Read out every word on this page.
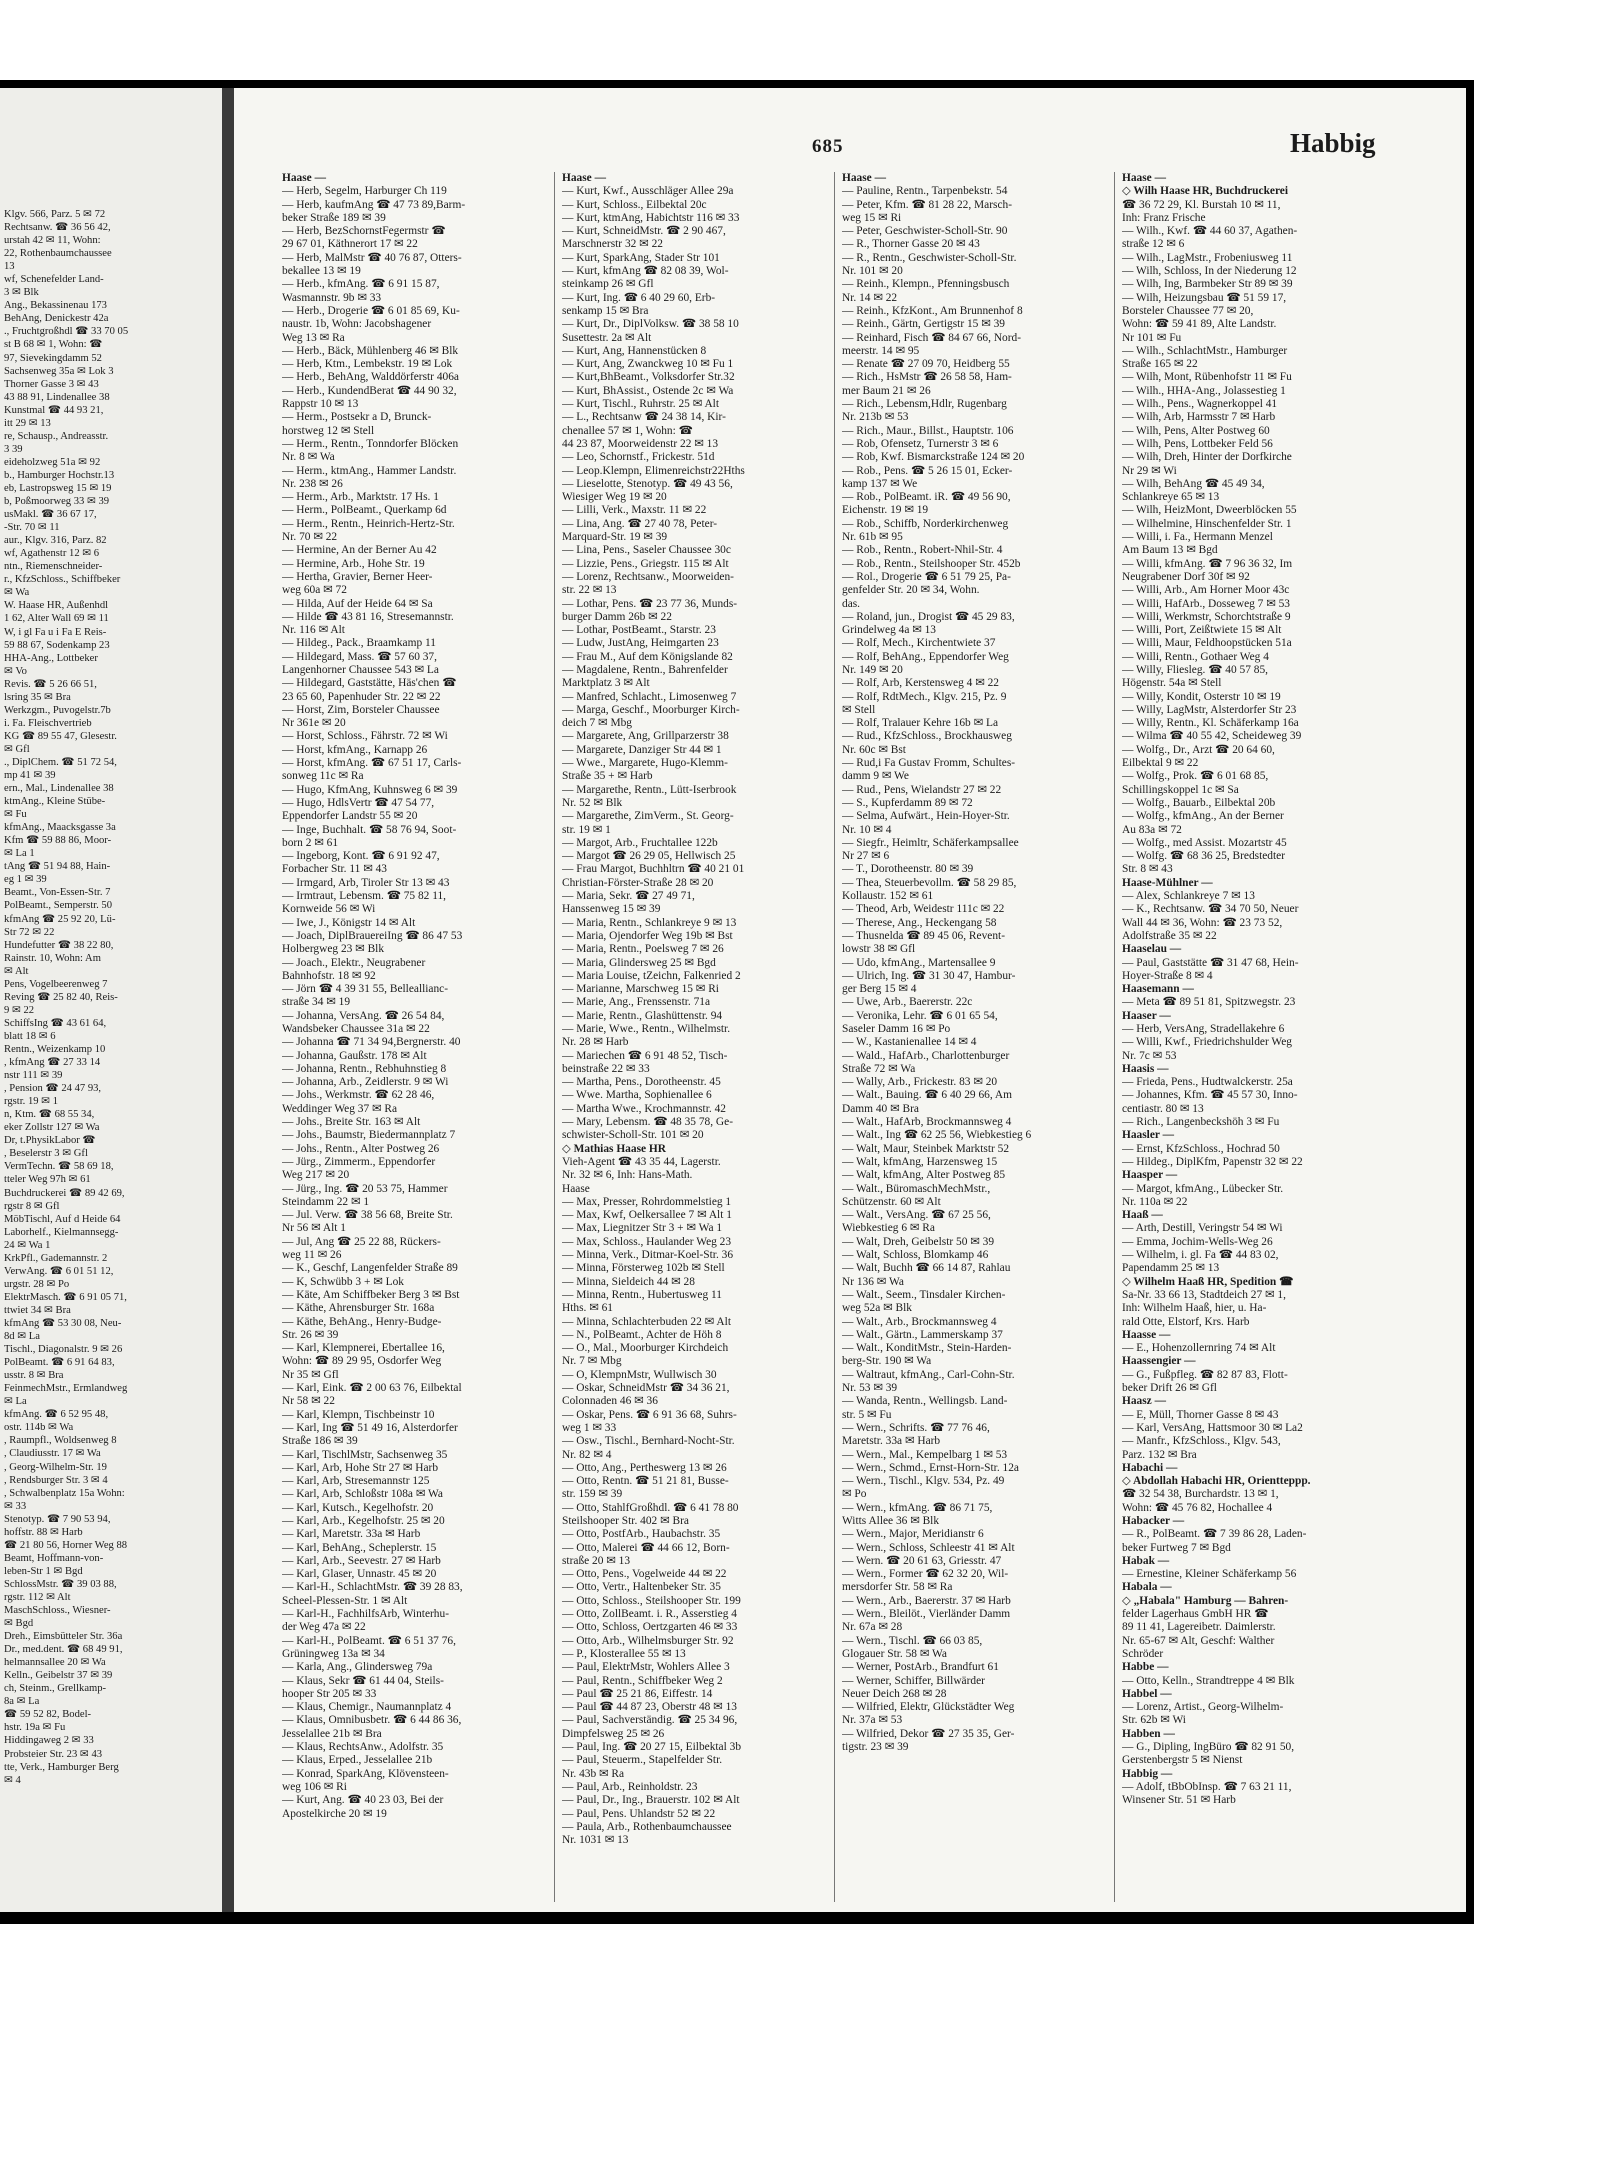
Klgv. 566, Parz. 5 ✉ 72

Rechtsanw. ☎ 36 56 42,

urstah 42 ✉ 11, Wohn:

22, Rothenbaumchaussee

13

wf, Schenefelder Land-

3 ✉ Blk

Ang., Bekassinenau 173

BehAng, Denickestr 42a

., Fruchtgroßhdl ☎ 33 70 05

st B 68 ✉ 1, Wohn: ☎

97, Sievekingdamm 52

Sachsenweg 35a ✉ Lok 3

Thorner Gasse 3 ✉ 43

43 88 91, Lindenallee 38

Kunstmal ☎ 44 93 21,

itt 29 ✉ 13

re, Schausp., Andreasstr.

3 39

eideholzweg 51a ✉ 92

b., Hamburger Hochstr.13

eb, Lastropsweg 15 ✉ 19

b, Poßmoorweg 33 ✉ 39

usMakl. ☎ 36 67 17,

-Str. 70 ✉ 11

aur., Klgv. 316, Parz. 82

wf, Agathenstr 12 ✉ 6

ntn., Riemenschneider-

r., KfzSchloss., Schiffbeker

✉ Wa

W. Haase HR, Außenhdl

1 62, Alter Wall 69 ✉ 11

W, i gl Fa u i Fa E Reis-

59 88 67, Sodenkamp 23

HHA-Ang., Lottbeker

✉ Vo

Revis. ☎ 5 26 66 51,

lsring 35 ✉ Bra

Werkzgm., Puvogelstr.7b

i. Fa. Fleischvertrieb

KG ☎ 89 55 47, Glesestr.

✉ Gfl

., DiplChem. ☎ 51 72 54,

mp 41 ✉ 39

ern., Mal., Lindenallee 38

ktmAng., Kleine Stübe-

✉ Fu

kfmAng., Maacksgasse 3a

Kfm ☎ 59 88 86, Moor-

✉ La 1

tAng ☎ 51 94 88, Hain-

eg 1 ✉ 39

Beamt., Von-Essen-Str. 7

PolBeamt., Semperstr. 50

kfmAng ☎ 25 92 20, Lü-

Str 72 ✉ 22

Hundefutter ☎ 38 22 80,

Rainstr. 10, Wohn: Am

✉ Alt

Pens, Vogelbeerenweg 7

Reving ☎ 25 82 40, Reis-

9 ✉ 22

SchiffsIng ☎ 43 61 64,

blatt 18 ✉ 6

Rentn., Weizenkamp 10

, kfmAng ☎ 27 33 14

nstr 111 ✉ 39

, Pension ☎ 24 47 93,

rgstr. 19 ✉ 1

n, Ktm. ☎ 68 55 34,

eker Zollstr 127 ✉ Wa

Dr, t.PhysikLabor ☎

, Beselerstr 3 ✉ Gfl

VermTechn. ☎ 58 69 18,

tteler Weg 97h ✉ 61

Buchdruckerei ☎ 89 42 69,

rgstr 8 ✉ Gfl

MöbTischl, Auf d Heide 64

Laborhelf., Kielmannsegg-

24 ✉ Wa 1

KrkPfl., Gademannstr. 2

VerwAng. ☎ 6 01 51 12,

urgstr. 28 ✉ Po

ElektrMasch. ☎ 6 91 05 71,

ttwiet 34 ✉ Bra

kfmAng ☎ 53 30 08, Neu-

8d ✉ La

Tischl., Diagonalstr. 9 ✉ 26

PolBeamt. ☎ 6 91 64 83,

usstr. 8 ✉ Bra

FeinmechMstr., Ermlandweg

✉ La

kfmAng. ☎ 6 52 95 48,

ostr. 114b ✉ Wa

, Raumpfl., Woldsenweg 8

, Claudiusstr. 17 ✉ Wa

, Georg-Wilhelm-Str. 19

, Rendsburger Str. 3 ✉ 4

, Schwalbenplatz 15a Wohn:

✉ 33

Stenotyp. ☎ 7 90 53 94,

hoffstr. 88 ✉ Harb

☎ 21 80 56, Horner Weg 88

Beamt, Hoffmann-von-

leben-Str 1 ✉ Bgd

SchlossMstr. ☎ 39 03 88,

rgstr. 112 ✉ Alt

MaschSchloss., Wiesner-

✉ Bgd

Dreh., Eimsbütteler Str. 36a

Dr., med.dent. ☎ 68 49 91,

helmannsallee 20 ✉ Wa

Kelln., Geibelstr 37 ✉ 39

ch, Steinm., Grellkamp-

8a ✉ La

☎ 59 52 82, Bodel-

hstr. 19a ✉ Fu

Hiddingaweg 2 ✉ 33

Probsteier Str. 23 ✉ 43

tte, Verk., Hamburger Berg

✉ 4

685	Habbig

Haase —

— Herb, Segelm, Harburger Ch 119

— Herb, kaufmAng ☎ 47 73 89,Barm-

beker Straße 189 ✉ 39

— Herb, BezSchornstFegermstr ☎

29 67 01, Käthnerort 17 ✉ 22

— Herb, MalMstr ☎ 40 76 87, Otters-

bekallee 13 ✉ 19

— Herb., kfmAng. ☎ 6 91 15 87,

Wasmannstr. 9b ✉ 33

— Herb., Drogerie ☎ 6 01 85 69, Ku-

naustr. 1b, Wohn: Jacobshagener

Weg 13 ✉ Ra

— Herb., Bäck, Mühlenberg 46 ✉ Blk

— Herb, Ktm., Lembekstr. 19 ✉ Lok

— Herb., BehAng, Walddörferstr 406a

— Herb., KundendBerat ☎ 44 90 32,

Rappstr 10 ✉ 13

— Herm., Postsekr a D, Brunck-

horstweg 12 ✉ Stell

— Herm., Rentn., Tonndorfer Blöcken

Nr. 8 ✉ Wa

— Herm., ktmAng., Hammer Landstr.

Nr. 238 ✉ 26

— Herm., Arb., Marktstr. 17 Hs. 1

— Herm., PolBeamt., Querkamp 6d

— Herm., Rentn., Heinrich-Hertz-Str.

Nr. 70 ✉ 22

— Hermine, An der Berner Au 42

— Hermine, Arb., Hohe Str. 19

— Hertha, Gravier, Berner Heer-

weg 60a ✉ 72

— Hilda, Auf der Heide 64 ✉ Sa

— Hilde ☎ 43 81 16, Stresemannstr.

Nr. 116 ✉ Alt

— Hildeg., Pack., Braamkamp 11

— Hildegard, Mass. ☎ 57 60 37,

Langenhorner Chaussee 543 ✉ La

— Hildegard, Gaststätte, Häs'chen ☎

23 65 60, Papenhuder Str. 22 ✉ 22

— Horst, Zim, Borsteler Chaussee

Nr 361e ✉ 20

— Horst, Schloss., Fährstr. 72 ✉ Wi

— Horst, kfmAng., Karnapp 26

— Horst, kfmAng. ☎ 67 51 17, Carls-

sonweg 11c ✉ Ra

— Hugo, KfmAng, Kuhnsweg 6 ✉ 39

— Hugo, HdlsVertr ☎ 47 54 77,

Eppendorfer Landstr 55 ✉ 20

— Inge, Buchhalt. ☎ 58 76 94, Soot-

born 2 ✉ 61

— Ingeborg, Kont. ☎ 6 91 92 47,

Forbacher Str. 11 ✉ 43

— Irmgard, Arb, Tiroler Str 13 ✉ 43

— Irmtraut, Lebensm. ☎ 75 82 11,

Kornweide 56 ✉ Wi

— Iwe, J., Königstr 14 ✉ Alt

— Joach, DiplBrauereiIng ☎ 86 47 53

Holbergweg 23 ✉ Blk

— Joach., Elektr., Neugrabener

Bahnhofstr. 18 ✉ 92

— Jörn ☎ 4 39 31 55, Belleallianc-

straße 34 ✉ 19

— Johanna, VersAng. ☎ 26 54 84,

Wandsbeker Chaussee 31a ✉ 22

— Johanna ☎ 71 34 94,Bergnerstr. 40

— Johanna, Gaußstr. 178 ✉ Alt

— Johanna, Rentn., Rebhuhnstieg 8

— Johanna, Arb., Zeidlerstr. 9 ✉ Wi

— Johs., Werkmstr. ☎ 62 28 46,

Weddinger Weg 37 ✉ Ra

— Johs., Breite Str. 163 ✉ Alt

— Johs., Baumstr, Biedermannplatz 7

— Johs., Rentn., Alter Postweg 26

— Jürg., Zimmerm., Eppendorfer

Weg 217 ✉ 20

— Jürg., Ing. ☎ 20 53 75, Hammer

Steindamm 22 ✉ 1

— Jul. Verw. ☎ 38 56 68, Breite Str.

Nr 56 ✉ Alt 1

— Jul, Ang ☎ 25 22 88, Rückers-

weg 11 ✉ 26

— K., Geschf, Langenfelder Straße 89

— K, Schwübb 3 + ✉ Lok

— Käte, Am Schiffbeker Berg 3 ✉ Bst

— Käthe, Ahrensburger Str. 168a

— Käthe, BehAng., Henry-Budge-

Str. 26 ✉ 39

— Karl, Klempnerei, Ebertallee 16,

Wohn: ☎ 89 29 95, Osdorfer Weg

Nr 35 ✉ Gfl

— Karl, Eink. ☎ 2 00 63 76, Eilbektal

Nr 58 ✉ 22

— Karl, Klempn, Tischbeinstr 10

— Karl, Ing ☎ 51 49 16, Alsterdorfer

Straße 186 ✉ 39

— Karl, TischlMstr, Sachsenweg 35

— Karl, Arb, Hohe Str 27 ✉ Harb

— Karl, Arb, Stresemannstr 125

— Karl, Arb, Schloßstr 108a ✉ Wa

— Karl, Kutsch., Kegelhofstr. 20

— Karl, Arb., Kegelhofstr. 25 ✉ 20

— Karl, Maretstr. 33a ✉ Harb

— Karl, BehAng., Scheplerstr. 15

— Karl, Arb., Seevestr. 27 ✉ Harb

— Karl, Glaser, Unnastr. 45 ✉ 20

— Karl-H., SchlachtMstr. ☎ 39 28 83,

Scheel-Plessen-Str. 1 ✉ Alt

— Karl-H., FachhilfsArb, Winterhu-

der Weg 47a ✉ 22

— Karl-H., PolBeamt. ☎ 6 51 37 76,

Grüningweg 13a ✉ 34

— Karla, Ang., Glindersweg 79a

— Klaus, Sekr ☎ 61 44 04, Steils-

hooper Str 205 ✉ 33

— Klaus, Chemigr., Naumannplatz 4

— Klaus, Omnibusbetr. ☎ 6 44 86 36,

Jesselallee 21b ✉ Bra

— Klaus, RechtsAnw., Adolfstr. 35

— Klaus, Erped., Jesselallee 21b

— Konrad, SparkAng, Klövensteen-

weg 106 ✉ Ri

— Kurt, Ang. ☎ 40 23 03, Bei der

Apostelkirche 20 ✉ 19

Haase —

— Kurt, Kwf., Ausschläger Allee 29a

— Kurt, Schloss., Eilbektal 20c

— Kurt, ktmAng, Habichtstr 116 ✉ 33

— Kurt, SchneidMstr. ☎ 2 90 467,

Marschnerstr 32 ✉ 22

— Kurt, SparkAng, Stader Str 101

— Kurt, kfmAng ☎ 82 08 39, Wol-

steinkamp 26 ✉ Gfl

— Kurt, Ing. ☎ 6 40 29 60, Erb-

senkamp 15 ✉ Bra

— Kurt, Dr., DiplVolksw. ☎ 38 58 10

Susettestr. 2a ✉ Alt

— Kurt, Ang, Hannenstücken 8

— Kurt, Ang, Zwanckweg 10 ✉ Fu 1

— Kurt,BhBeamt., Volksdorfer Str.32

— Kurt, BhAssist., Ostende 2c ✉ Wa

— Kurt, Tischl., Ruhrstr. 25 ✉ Alt

— L., Rechtsanw ☎ 24 38 14, Kir-

chenallee 57 ✉ 1, Wohn: ☎

44 23 87, Moorweidenstr 22 ✉ 13

— Leo, Schornstf., Frickestr. 51d

— Leop.Klempn, Elimenreichstr22Hths

— Lieselotte, Stenotyp. ☎ 49 43 56,

Wiesiger Weg 19 ✉ 20

— Lilli, Verk., Maxstr. 11 ✉ 22

— Lina, Ang. ☎ 27 40 78, Peter-

Marquard-Str. 19 ✉ 39

— Lina, Pens., Saseler Chaussee 30c

— Lizzie, Pens., Griegstr. 115 ✉ Alt

— Lorenz, Rechtsanw., Moorweiden-

str. 22 ✉ 13

— Lothar, Pens. ☎ 23 77 36, Munds-

burger Damm 26b ✉ 22

— Lothar, PostBeamt., Starstr. 23

— Ludw, JustAng, Heimgarten 23

— Frau M., Auf dem Königslande 82

— Magdalene, Rentn., Bahrenfelder

Marktplatz 3 ✉ Alt

— Manfred, Schlacht., Limosenweg 7

— Marga, Geschf., Moorburger Kirch-

deich 7 ✉ Mbg

— Margarete, Ang, Grillparzerstr 38

— Margarete, Danziger Str 44 ✉ 1

— Wwe., Margarete, Hugo-Klemm-

Straße 35 + ✉ Harb

— Margarethe, Rentn., Lütt-Iserbrook

Nr. 52 ✉ Blk

— Margarethe, ZimVerm., St. Georg-

str. 19 ✉ 1

— Margot, Arb., Fruchtallee 122b

— Margot ☎ 26 29 05, Hellwisch 25

— Frau Margot, Buchhltrn ☎ 40 21 01

Christian-Förster-Straße 28 ✉ 20

— Maria, Sekr. ☎ 27 49 71,

Hanssenweg 15 ✉ 39

— Maria, Rentn., Schlankreye 9 ✉ 13

— Maria, Ojendorfer Weg 19b ✉ Bst

— Maria, Rentn., Poelsweg 7 ✉ 26

— Maria, Glindersweg 25 ✉ Bgd

— Maria Louise, tZeichn, Falkenried 2

— Marianne, Marschweg 15 ✉ Ri

— Marie, Ang., Frenssenstr. 71a

— Marie, Rentn., Glashüttenstr. 94

— Marie, Wwe., Rentn., Wilhelmstr.

Nr. 28 ✉ Harb

— Mariechen ☎ 6 91 48 52, Tisch-

beinstraße 22 ✉ 33

— Martha, Pens., Dorotheenstr. 45

— Wwe. Martha, Sophienallee 6

— Martha Wwe., Krochmannstr. 42

— Mary, Lebensm. ☎ 48 35 78, Ge-

schwister-Scholl-Str. 101 ✉ 20

◇ Mathias Haase HR

Vieh-Agent ☎ 43 35 44, Lagerstr.

Nr. 32 ✉ 6, Inh: Hans-Math.

Haase

— Max, Presser, Rohrdommelstieg 1

— Max, Kwf, Oelkersallee 7 ✉ Alt 1

— Max, Liegnitzer Str 3 + ✉ Wa 1

— Max, Schloss., Haulander Weg 23

— Minna, Verk., Ditmar-Koel-Str. 36

— Minna, Försterweg 102b ✉ Stell

— Minna, Sieldeich 44 ✉ 28

— Minna, Rentn., Hubertusweg 11

Hths. ✉ 61

— Minna, Schlachterbuden 22 ✉ Alt

— N., PolBeamt., Achter de Höh 8

— O., Mal., Moorburger Kirchdeich

Nr. 7 ✉ Mbg

— O, KlempnMstr, Wullwisch 30

— Oskar, SchneidMstr ☎ 34 36 21,

Colonnaden 46 ✉ 36

— Oskar, Pens. ☎ 6 91 36 68, Suhrs-

weg 1 ✉ 33

— Osw., Tischl., Bernhard-Nocht-Str.

Nr. 82 ✉ 4

— Otto, Ang., Pertheswerg 13 ✉ 26

— Otto, Rentn. ☎ 51 21 81, Busse-

str. 159 ✉ 39

— Otto, StahlfGroßhdl. ☎ 6 41 78 80

Steilshooper Str. 402 ✉ Bra

— Otto, PostfArb., Haubachstr. 35

— Otto, Malerei ☎ 44 66 12, Born-

straße 20 ✉ 13

— Otto, Pens., Vogelweide 44 ✉ 22

— Otto, Vertr., Haltenbeker Str. 35

— Otto, Schloss., Steilshooper Str. 199

— Otto, ZollBeamt. i. R., Asserstieg 4

— Otto, Schloss, Oertzgarten 46 ✉ 33

— Otto, Arb., Wilhelmsburger Str. 92

— P., Klosterallee 55 ✉ 13

— Paul, ElektrMstr, Wohlers Allee 3

— Paul, Rentn., Schiffbeker Weg 2

— Paul ☎ 25 21 86, Eiffestr. 14

— Paul ☎ 44 87 23, Oberstr 48 ✉ 13

— Paul, Sachverständig. ☎ 25 34 96,

Dimpfelsweg 25 ✉ 26

— Paul, Ing. ☎ 20 27 15, Eilbektal 3b

— Paul, Steuerm., Stapelfelder Str.

Nr. 43b ✉ Ra

— Paul, Arb., Reinholdstr. 23

— Paul, Dr., Ing., Brauerstr. 102 ✉ Alt

— Paul, Pens. Uhlandstr 52 ✉ 22

— Paula, Arb., Rothenbaumchaussee

Nr. 1031 ✉ 13

Haase —

— Pauline, Rentn., Tarpenbekstr. 54

— Peter, Kfm. ☎ 81 28 22, Marsch-

weg 15 ✉ Ri

— Peter, Geschwister-Scholl-Str. 90

— R., Thorner Gasse 20 ✉ 43

— R., Rentn., Geschwister-Scholl-Str.

Nr. 101 ✉ 20

— Reinh., Klempn., Pfenningsbusch

Nr. 14 ✉ 22

— Reinh., KfzKont., Am Brunnenhof 8

— Reinh., Gärtn, Gertigstr 15 ✉ 39

— Reinhard, Fisch ☎ 84 67 66, Nord-

meerstr. 14 ✉ 95

— Renate ☎ 27 09 70, Heidberg 55

— Rich., HsMstr ☎ 26 58 58, Ham-

mer Baum 21 ✉ 26

— Rich., Lebensm,Hdlr, Rugenbarg

Nr. 213b ✉ 53

— Rich., Maur., Billst., Hauptstr. 106

— Rob, Ofensetz, Turnerstr 3 ✉ 6

— Rob, Kwf. Bismarckstraße 124 ✉ 20

— Rob., Pens. ☎ 5 26 15 01, Ecker-

kamp 137 ✉ We

— Rob., PolBeamt. iR. ☎ 49 56 90,

Eichenstr. 19 ✉ 19

— Rob., Schiffb, Norderkirchenweg

Nr. 61b ✉ 95

— Rob., Rentn., Robert-Nhil-Str. 4

— Rob., Rentn., Steilshooper Str. 452b

— Rol., Drogerie ☎ 6 51 79 25, Pa-

genfelder Str. 20 ✉ 34, Wohn.

das.

— Roland, jun., Drogist ☎ 45 29 83,

Grindelweg 4a ✉ 13

— Rolf, Mech., Kirchentwiete 37

— Rolf, BehAng., Eppendorfer Weg

Nr. 149 ✉ 20

— Rolf, Arb, Kerstensweg 4 ✉ 22

— Rolf, RdtMech., Klgv. 215, Pz. 9

✉ Stell

— Rolf, Tralauer Kehre 16b ✉ La

— Rud., KfzSchloss., Brockhausweg

Nr. 60c ✉ Bst

— Rud,i Fa Gustav Fromm, Schultes-

damm 9 ✉ We

— Rud., Pens, Wielandstr 27 ✉ 22

— S., Kupferdamm 89 ✉ 72

— Selma, Aufwärt., Hein-Hoyer-Str.

Nr. 10 ✉ 4

— Siegfr., Heimltr, Schäferkampsallee

Nr 27 ✉ 6

— T., Dorotheenstr. 80 ✉ 39

— Thea, Steuerbevollm. ☎ 58 29 85,

Kollaustr. 152 ✉ 61

— Theod, Arb, Weidestr 111c ✉ 22

— Therese, Ang., Heckengang 58

— Thusnelda ☎ 89 45 06, Revent-

lowstr 38 ✉ Gfl

— Udo, kfmAng., Martensallee 9

— Ulrich, Ing. ☎ 31 30 47, Hambur-

ger Berg 15 ✉ 4

— Uwe, Arb., Baererstr. 22c

— Veronika, Lehr. ☎ 6 01 65 54,

Saseler Damm 16 ✉ Po

— W., Kastanienallee 14 ✉ 4

— Wald., HafArb., Charlottenburger

Straße 72 ✉ Wa

— Wally, Arb., Frickestr. 83 ✉ 20

— Walt., Bauing. ☎ 6 40 29 66, Am

Damm 40 ✉ Bra

— Walt., HafArb, Brockmannsweg 4

— Walt., Ing ☎ 62 25 56, Wiebkestieg 6

— Walt, Maur, Steinbek Marktstr 52

— Walt, kfmAng, Harzensweg 15

— Walt, kfmAng, Alter Postweg 85

— Walt., BüromaschMechMstr.,

Schützenstr. 60 ✉ Alt

— Walt., VersAng. ☎ 67 25 56,

Wiebkestieg 6 ✉ Ra

— Walt, Dreh, Geibelstr 50 ✉ 39

— Walt, Schloss, Blomkamp 46

— Walt, Buchh ☎ 66 14 87, Rahlau

Nr 136 ✉ Wa

— Walt., Seem., Tinsdaler Kirchen-

weg 52a ✉ Blk

— Walt., Arb., Brockmannsweg 4

— Walt., Gärtn., Lammerskamp 37

— Walt., KonditMstr., Stein-Harden-

berg-Str. 190 ✉ Wa

— Waltraut, kfmAng., Carl-Cohn-Str.

Nr. 53 ✉ 39

— Wanda, Rentn., Wellingsb. Land-

str. 5 ✉ Fu

— Wern., Schrifts. ☎ 77 76 46,

Maretstr. 33a ✉ Harb

— Wern., Mal., Kempelbarg 1 ✉ 53

— Wern., Schmd., Ernst-Horn-Str. 12a

— Wern., Tischl., Klgv. 534, Pz. 49

✉ Po

— Wern., kfmAng. ☎ 86 71 75,

Witts Allee 36 ✉ Blk

— Wern., Major, Meridianstr 6

— Wern., Schloss, Schleestr 41 ✉ Alt

— Wern. ☎ 20 61 63, Griesstr. 47

— Wern., Former ☎ 62 32 20, Wil-

mersdorfer Str. 58 ✉ Ra

— Wern., Arb., Baererstr. 37 ✉ Harb

— Wern., Bleilöt., Vierländer Damm

Nr. 67a ✉ 28

— Wern., Tischl. ☎ 66 03 85,

Glogauer Str. 58 ✉ Wa

— Werner, PostArb., Brandfurt 61

— Werner, Schiffer, Billwärder

Neuer Deich 268 ✉ 28

— Wilfried, Elektr, Glückstädter Weg

Nr. 37a ✉ 53

— Wilfried, Dekor ☎ 27 35 35, Ger-

tigstr. 23 ✉ 39

Haase —

◇ Wilh Haase HR, Buchdruckerei

☎ 36 72 29, Kl. Burstah 10 ✉ 11,

Inh: Franz Frische

— Wilh., Kwf. ☎ 44 60 37, Agathen-

straße 12 ✉ 6

— Wilh., LagMstr., Frobeniusweg 11

— Wilh, Schloss, In der Niederung 12

— Wilh, Ing, Barmbeker Str 89 ✉ 39

— Wilh, Heizungsbau ☎ 51 59 17,

Borsteler Chaussee 77 ✉ 20,

Wohn: ☎ 59 41 89, Alte Landstr.

Nr 101 ✉ Fu

— Wilh., SchlachtMstr., Hamburger

Straße 165 ✉ 22

— Wilh, Mont, Rübenhofstr 11 ✉ Fu

— Wilh., HHA-Ang., Jolassestieg 1

— Wilh., Pens., Wagnerkoppel 41

— Wilh, Arb, Harmsstr 7 ✉ Harb

— Wilh, Pens, Alter Postweg 60

— Wilh, Pens, Lottbeker Feld 56

— Wilh, Dreh, Hinter der Dorfkirche

Nr 29 ✉ Wi

— Wilh, BehAng ☎ 45 49 34,

Schlankreye 65 ✉ 13

— Wilh, HeizMont, Dweerblöcken 55

— Wilhelmine, Hinschenfelder Str. 1

— Willi, i. Fa., Hermann Menzel

Am Baum 13 ✉ Bgd

— Willi, kfmAng. ☎ 7 96 36 32, Im

Neugrabener Dorf 30f ✉ 92

— Willi, Arb., Am Horner Moor 43c

— Willi, HafArb., Dosseweg 7 ✉ 53

— Willi, Werkmstr, Schorchtstraße 9

— Willi, Port, Zeißtwiete 15 ✉ Alt

— Willi, Maur, Feldhoopstücken 51a

— Willi, Rentn., Gothaer Weg 4

— Willy, Fliesleg. ☎ 40 57 85,

Högenstr. 54a ✉ Stell

— Willy, Kondit, Osterstr 10 ✉ 19

— Willy, LagMstr, Alsterdorfer Str 23

— Willy, Rentn., Kl. Schäferkamp 16a

— Wilma ☎ 40 55 42, Scheideweg 39

— Wolfg., Dr., Arzt ☎ 20 64 60,

Eilbektal 9 ✉ 22

— Wolfg., Prok. ☎ 6 01 68 85,

Schillingskoppel 1c ✉ Sa

— Wolfg., Bauarb., Eilbektal 20b

— Wolfg., kfmAng., An der Berner

Au 83a ✉ 72

— Wolfg., med Assist. Mozartstr 45

— Wolfg. ☎ 68 36 25, Bredstedter

Str. 8 ✉ 43

Haase-Mühlner —

— Alex, Schlankreye 7 ✉ 13

— K., Rechtsanw. ☎ 34 70 50, Neuer

Wall 44 ✉ 36, Wohn: ☎ 23 73 52,

Adolfstraße 35 ✉ 22

Haaselau —

— Paul, Gaststätte ☎ 31 47 68, Hein-

Hoyer-Straße 8 ✉ 4

Haasemann —

— Meta ☎ 89 51 81, Spitzwegstr. 23

Haaser —

— Herb, VersAng, Stradellakehre 6

— Willi, Kwf., Friedrichshulder Weg

Nr. 7c ✉ 53

Haasis —

— Frieda, Pens., Hudtwalckerstr. 25a

— Johannes, Kfm. ☎ 45 57 30, Inno-

centiastr. 80 ✉ 13

— Rich., Langenbeckshöh 3 ✉ Fu

Haasler —

— Ernst, KfzSchloss., Hochrad 50

— Hildeg., DiplKfm, Papenstr 32 ✉ 22

Haasper —

— Margot, kfmAng., Lübecker Str.

Nr. 110a ✉ 22

Haaß —

— Arth, Destill, Veringstr 54 ✉ Wi

— Emma, Jochim-Wells-Weg 26

— Wilhelm, i. gl. Fa ☎ 44 83 02,

Papendamm 25 ✉ 13

◇ Wilhelm Haaß HR, Spedition ☎

Sa-Nr. 33 66 13, Stadtdeich 27 ✉ 1,

Inh: Wilhelm Haaß, hier, u. Ha-

rald Otte, Elstorf, Krs. Harb

Haasse —

— E., Hohenzollernring 74 ✉ Alt

Haassengier —

— G., Fußpfleg. ☎ 82 87 83, Flott-

beker Drift 26 ✉ Gfl

Haasz —

— E, Müll, Thorner Gasse 8 ✉ 43

— Karl, VersAng, Hattsmoor 30 ✉ La2

— Manfr., KfzSchloss., Klgv. 543,

Parz. 132 ✉ Bra

Habachi —

◇ Abdollah Habachi HR, Orientteppp.

☎ 32 54 38, Burchardstr. 13 ✉ 1,

Wohn: ☎ 45 76 82, Hochallee 4

Habacker —

— R., PolBeamt. ☎ 7 39 86 28, Laden-

beker Furtweg 7 ✉ Bgd

Habak —

— Ernestine, Kleiner Schäferkamp 56

Habala —

◇ „Habala" Hamburg — Bahren-

felder Lagerhaus GmbH HR ☎

89 11 41, Lagereibetr. Daimlerstr.

Nr. 65-67 ✉ Alt, Geschf: Walther

Schröder

Habbe —

— Otto, Kelln., Strandtreppe 4 ✉ Blk

Habbel —

— Lorenz, Artist., Georg-Wilhelm-

Str. 62b ✉ Wi

Habben —

— G., Dipling, IngBüro ☎ 82 91 50,

Gerstenbergstr 5 ✉ Nienst

Habbig —

— Adolf, tBbObInsp. ☎ 7 63 21 11,

Winsener Str. 51 ✉ Harb
